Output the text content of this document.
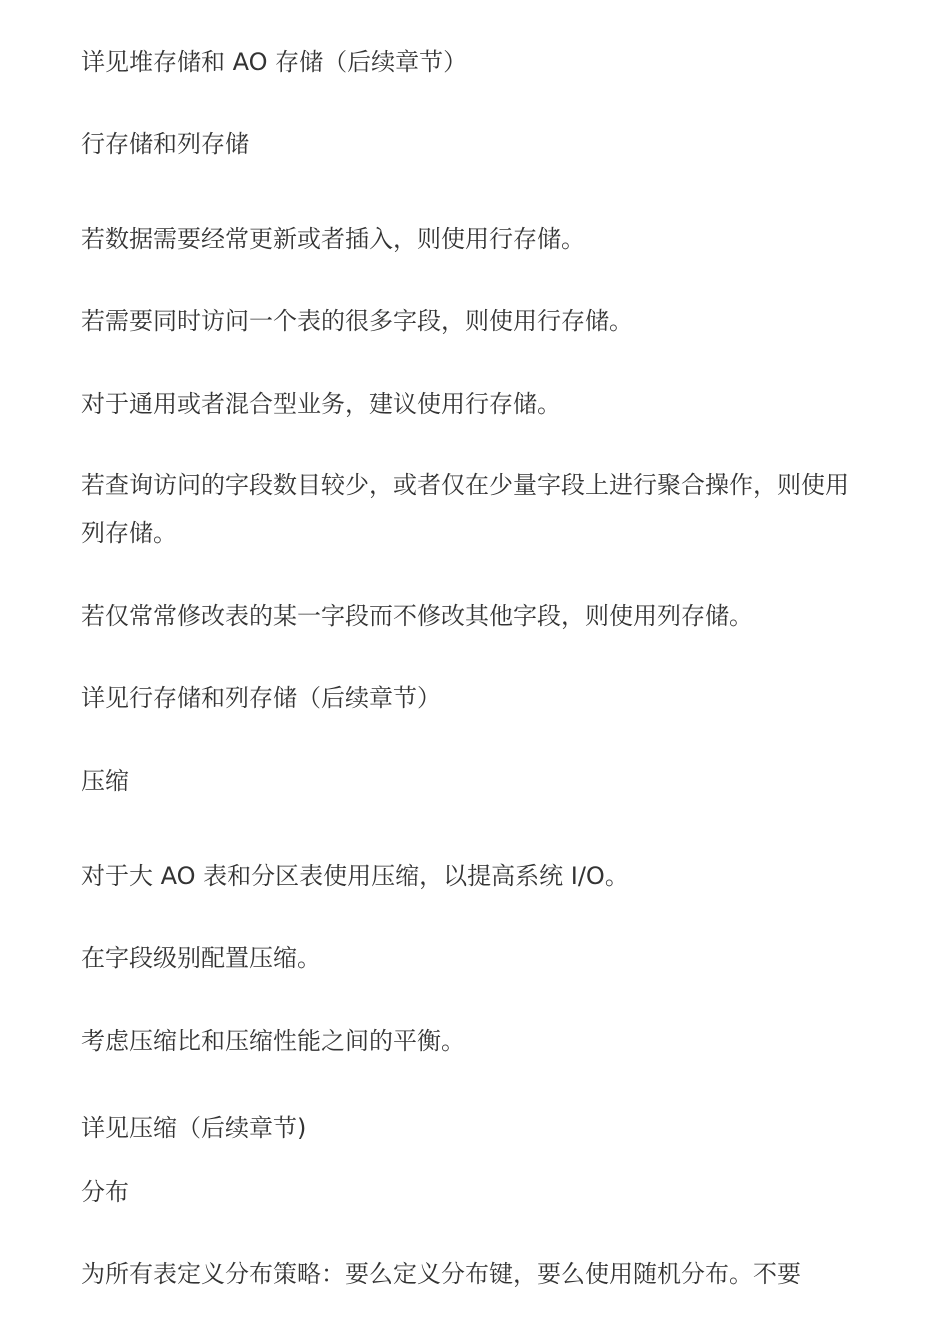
详见堆存储和 AO 存储（后续章节）
行存储和列存储
若数据需要经常更新或者插入，则使用行存储。
若需要同时访问一个表的很多字段，则使用行存储。
对于通用或者混合型业务，建议使用行存储。
若查询访问的字段数目较少，或者仅在少量字段上进行聚合操作，则使用列存储。
若仅常常修改表的某一字段而不修改其他字段，则使用列存储。
详见行存储和列存储（后续章节）
压缩
对于大 AO 表和分区表使用压缩，以提高系统 I/O。
在字段级别配置压缩。
考虑压缩比和压缩性能之间的平衡。
详见压缩（后续章节)
分布
为所有表定义分布策略：要么定义分布键，要么使用随机分布。不要
